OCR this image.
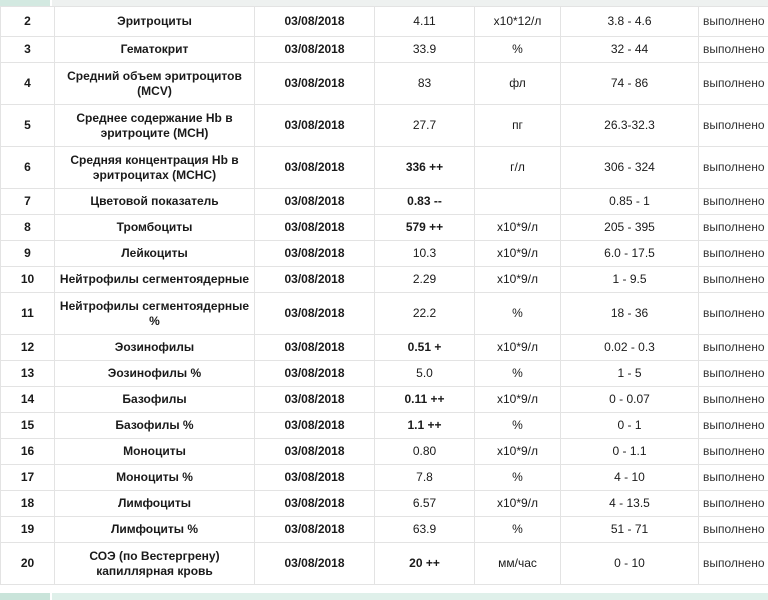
2	Эритроциты	03/08/2018	4.11	x10*12/л	3.8 - 4.6	выполнено
3	Гематокрит	03/08/2018	33.9	%	32 - 44	выполнено
4	Средний объем эритроцитов (MCV)	03/08/2018	83	фл	74 - 86	выполнено
5	Среднее содержание Hb в эритроците (MCH)	03/08/2018	27.7	пг	26.3-32.3	выполнено
6	Средняя концентрация Hb в эритроцитах (MCHC)	03/08/2018	336 ++	г/л	306 - 324	выполнено
7	Цветовой показатель	03/08/2018	0.83 --		0.85 - 1	выполнено
8	Тромбоциты	03/08/2018	579 ++	x10*9/л	205 - 395	выполнено
9	Лейкоциты	03/08/2018	10.3	x10*9/л	6.0 - 17.5	выполнено
10	Нейтрофилы сегментоядерные	03/08/2018	2.29	x10*9/л	1 - 9.5	выполнено
11	Нейтрофилы сегментоядерные %	03/08/2018	22.2	%	18 - 36	выполнено
12	Эозинофилы	03/08/2018	0.51 +	x10*9/л	0.02 - 0.3	выполнено
13	Эозинофилы %	03/08/2018	5.0	%	1 - 5	выполнено
14	Базофилы	03/08/2018	0.11 ++	x10*9/л	0 - 0.07	выполнено
15	Базофилы %	03/08/2018	1.1 ++	%	0 - 1	выполнено
16	Моноциты	03/08/2018	0.80	x10*9/л	0 - 1.1	выполнено
17	Моноциты %	03/08/2018	7.8	%	4 - 10	выполнено
18	Лимфоциты	03/08/2018	6.57	x10*9/л	4 - 13.5	выполнено
19	Лимфоциты %	03/08/2018	63.9	%	51 - 71	выполнено
20	СОЭ (по Вестергрену) капиллярная кровь	03/08/2018	20 ++	мм/час	0 - 10	выполнено
